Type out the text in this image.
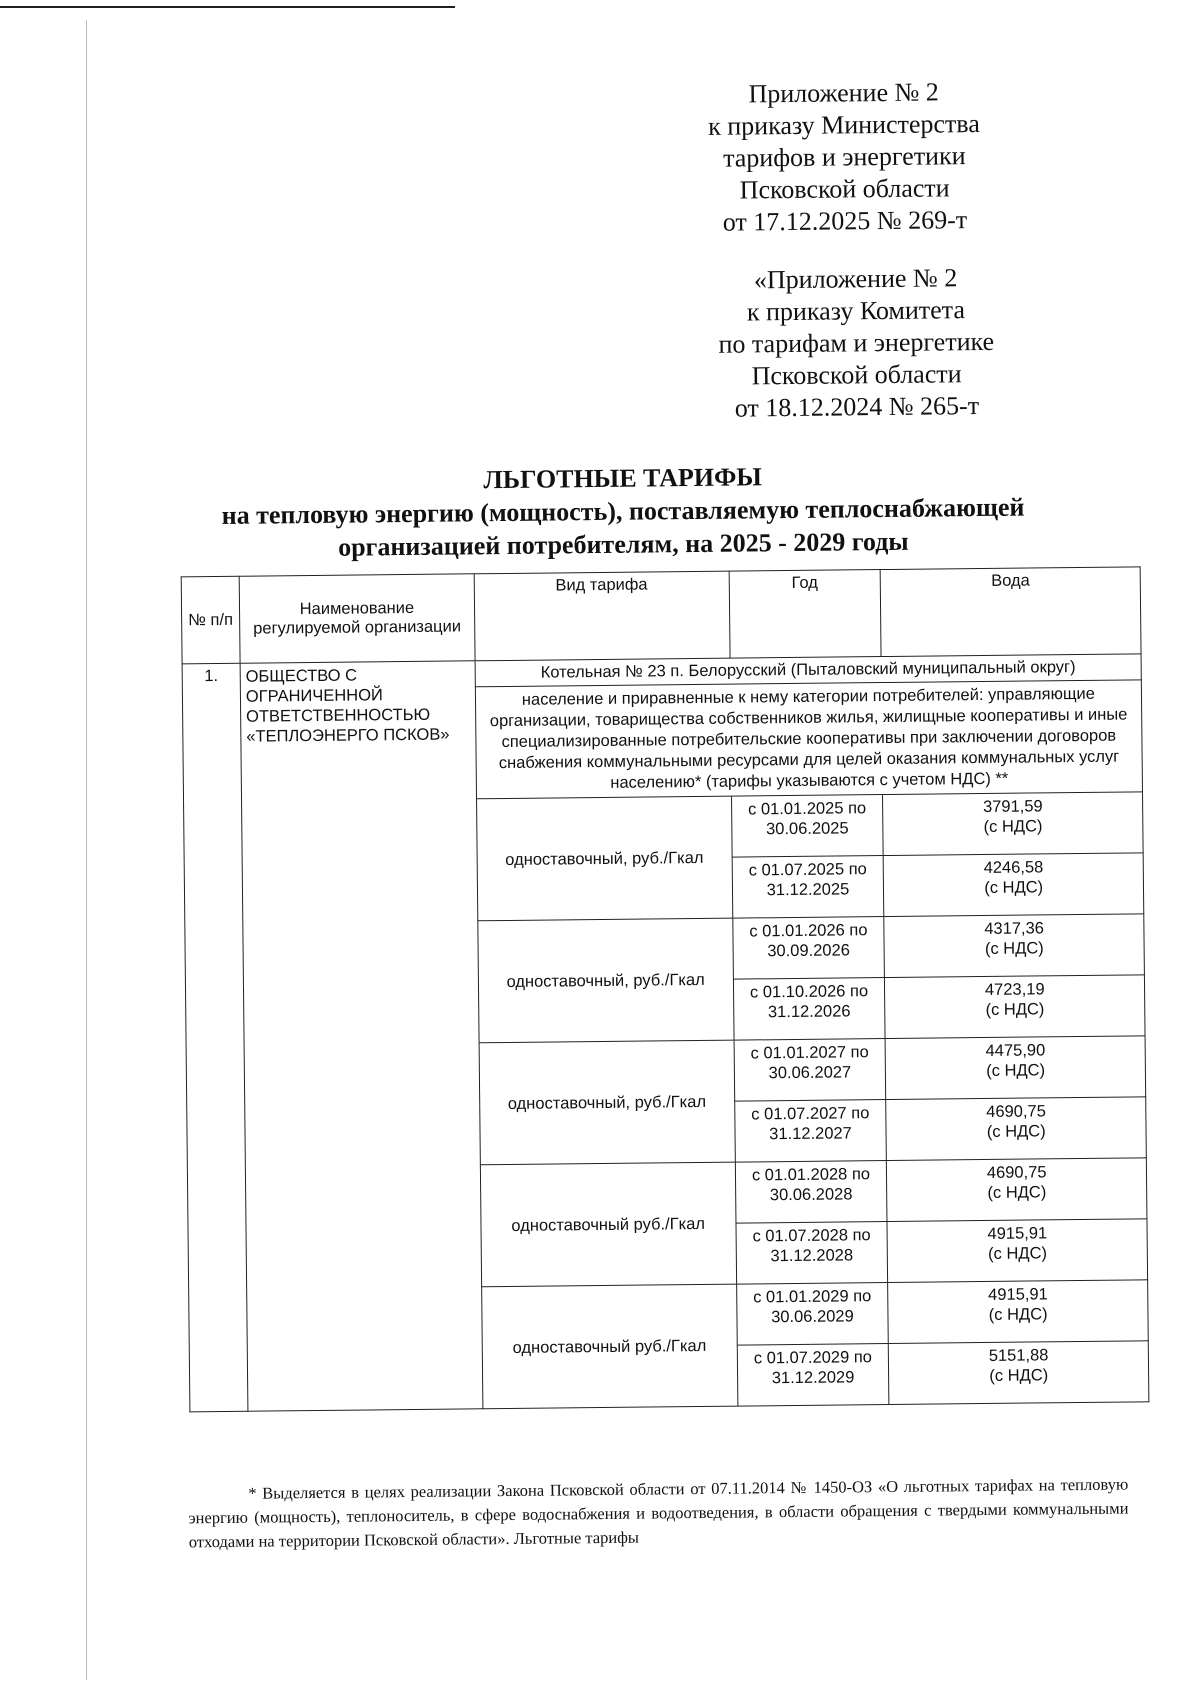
Приложение № 2
к приказу Министерства
тарифов и энергетики
Псковской области
от 17.12.2025 № 269-т
«Приложение № 2
к приказу Комитета
по тарифам и энергетике
Псковской области
от 18.12.2024 № 265-т
ЛЬГОТНЫЕ ТАРИФЫ
на тепловую энергию (мощность), поставляемую теплоснабжающей
организацией потребителям, на 2025 - 2029 годы
№ п/п	Наименование регулируемой организации	Вид тарифа	Год	Вода
1.	ОБЩЕСТВО С ОГРАНИЧЕННОЙ ОТВЕТСТВЕННОСТЬЮ «ТЕПЛОЭНЕРГО ПСКОВ»	Котельная № 23 п. Белорусский (Пыталовский муниципальный округ)		
		население и приравненные к нему категории потребителей: управляющие организации, товарищества собственников жилья, жилищные кооперативы и иные специализированные потребительские кооперативы при заключении договоров снабжения коммунальными ресурсами для целей оказания коммунальных услуг населению* (тарифы указываются с учетом НДС) **		
		одноставочный, руб./Гкал	с 01.01.2025 по 30.06.2025	3791,59
(с НДС)

			с 01.07.2025 по 31.12.2025	4246,58
(с НДС)

		одноставочный, руб./Гкал	с 01.01.2026 по 30.09.2026	4317,36
(с НДС)

			с 01.10.2026 по 31.12.2026	4723,19
(с НДС)

		одноставочный, руб./Гкал	с 01.01.2027 по 30.06.2027	4475,90
(с НДС)

			с 01.07.2027 по 31.12.2027	4690,75
(с НДС)

		одноставочный руб./Гкал	с 01.01.2028 по 30.06.2028	4690,75
(с НДС)

			с 01.07.2028 по 31.12.2028	4915,91
(с НДС)

		одноставочный руб./Гкал	с 01.01.2029 по 30.06.2029	4915,91
(с НДС)

			с 01.07.2029 по 31.12.2029	5151,88
(с НДС)
* Выделяется в целях реализации Закона Псковской области от 07.11.2014 № 1450-ОЗ «О льготных тарифах на тепловую энергию (мощность), теплоноситель, в сфере водоснабжения и водоотведения, в области обращения с твердыми коммунальными отходами на территории Псковской области». Льготные тарифы
